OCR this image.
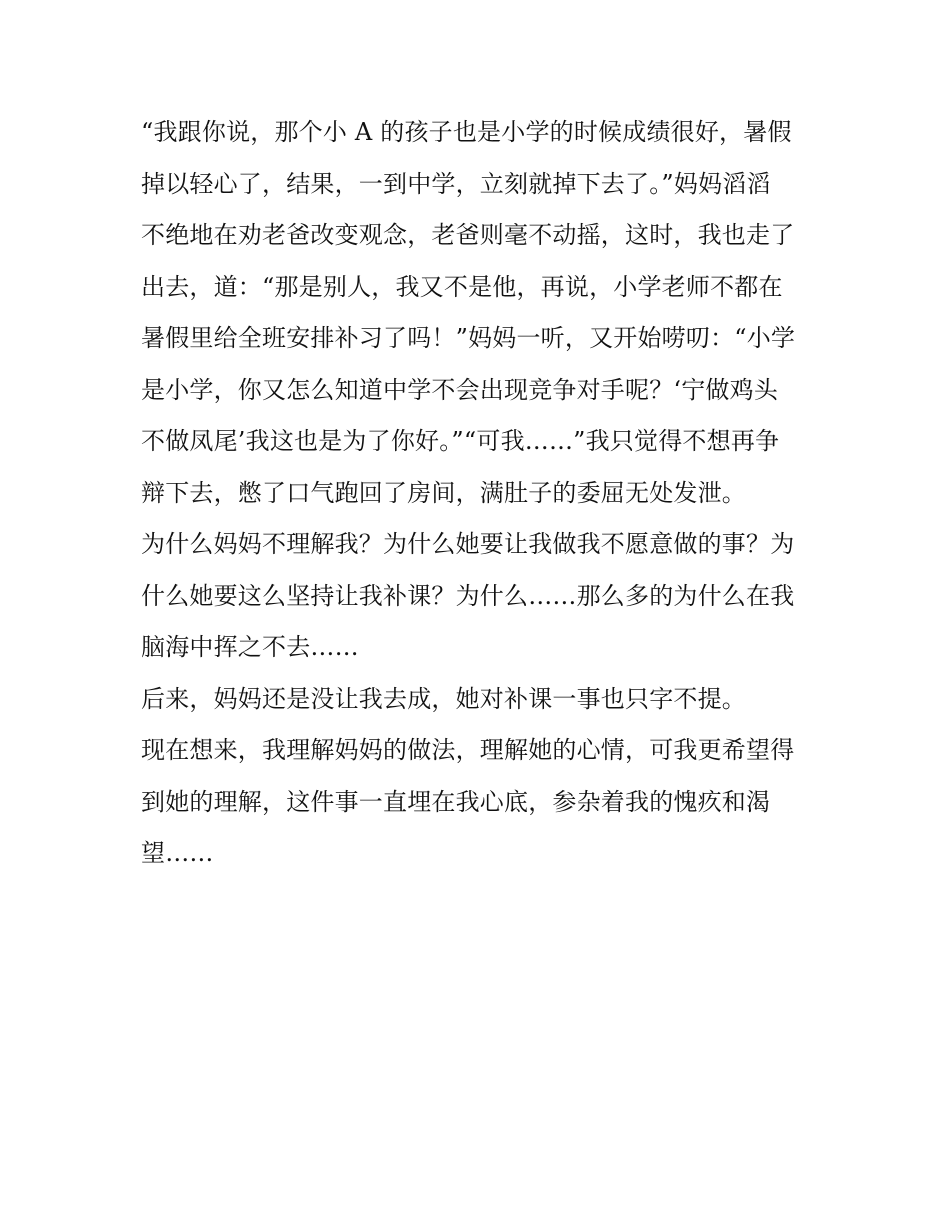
“我跟你说，那个小 A 的孩子也是小学的时候成绩很好，暑假
掉以轻心了，结果，一到中学，立刻就掉下去了。”妈妈滔滔
不绝地在劝老爸改变观念，老爸则毫不动摇，这时，我也走了
出去，道：“那是别人，我又不是他，再说，小学老师不都在
暑假里给全班安排补习了吗！”妈妈一听，又开始唠叨：“小学
是小学，你又怎么知道中学不会出现竞争对手呢？‘宁做鸡头
不做凤尾’我这也是为了你好。”“可我……”我只觉得不想再争
辩下去，憋了口气跑回了房间，满肚子的委屈无处发泄。
为什么妈妈不理解我？为什么她要让我做我不愿意做的事？为
什么她要这么坚持让我补课？为什么……那么多的为什么在我
脑海中挥之不去……
后来，妈妈还是没让我去成，她对补课一事也只字不提。
现在想来，我理解妈妈的做法，理解她的心情，可我更希望得
到她的理解，这件事一直埋在我心底，参杂着我的愧疚和渴
望……
